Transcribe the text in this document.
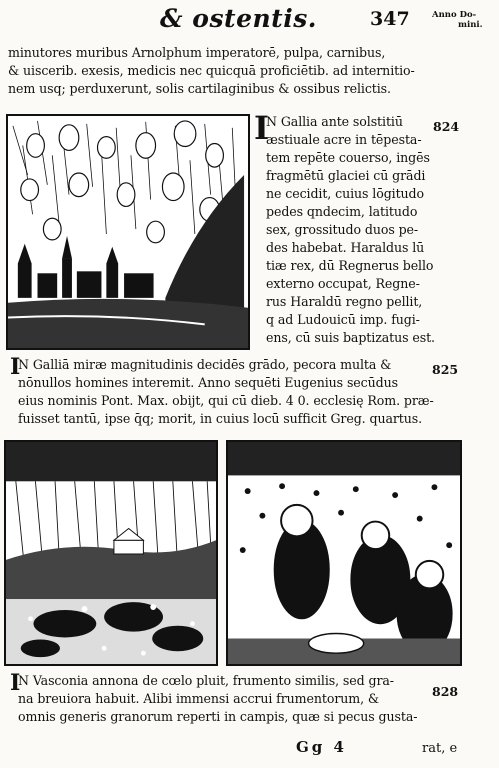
& ostentis.	347	Anno Do-
mini.
minutores muribus Arnolphum imperatorē, pulpa, carnibus,
& uiscerib. exesis, medicis nec quicquā proficiētib. ad internitio-
nem usq; perduxerunt, solis cartilaginibus & ossibus relictis.
I	824
N Gallia ante solstitiū
æstiuale acre in tēpesta-
tem repēte couerso, ingēs
fragmētū glaciei cū grādi
ne cecidit, cuius lōgitudo
pedes qndecim, latitudo
sex, grossitudo duos pe-
des habebat. Haraldus lū
tiæ rex, dū Regnerus bello
externo occupat, Regne-
rus Haraldū regno pellit,
q ad Ludouicū imp. fugi-
ens, cū suis baptizatus est.
I	825
N Galliā miræ magnitudinis decidēs grādo, pecora multa &
nōnullos homines interemit. Anno sequēti Eugenius secūdus
eius nominis Pont. Max. obijt, qui cū dieb. 4 0. ecclesię Rom. præ-
fuisset tantū, ipse q̄q; morit, in cuius locū sufficit Greg. quartus.
I	828
N Vasconia annona de cœlo pluit, frumento similis, sed gra-
na breuiora habuit. Alibi immensi accrui frumentorum, &
omnis generis granorum reperti in campis, quæ si pecus gusta-
Gg 4	rat, e
